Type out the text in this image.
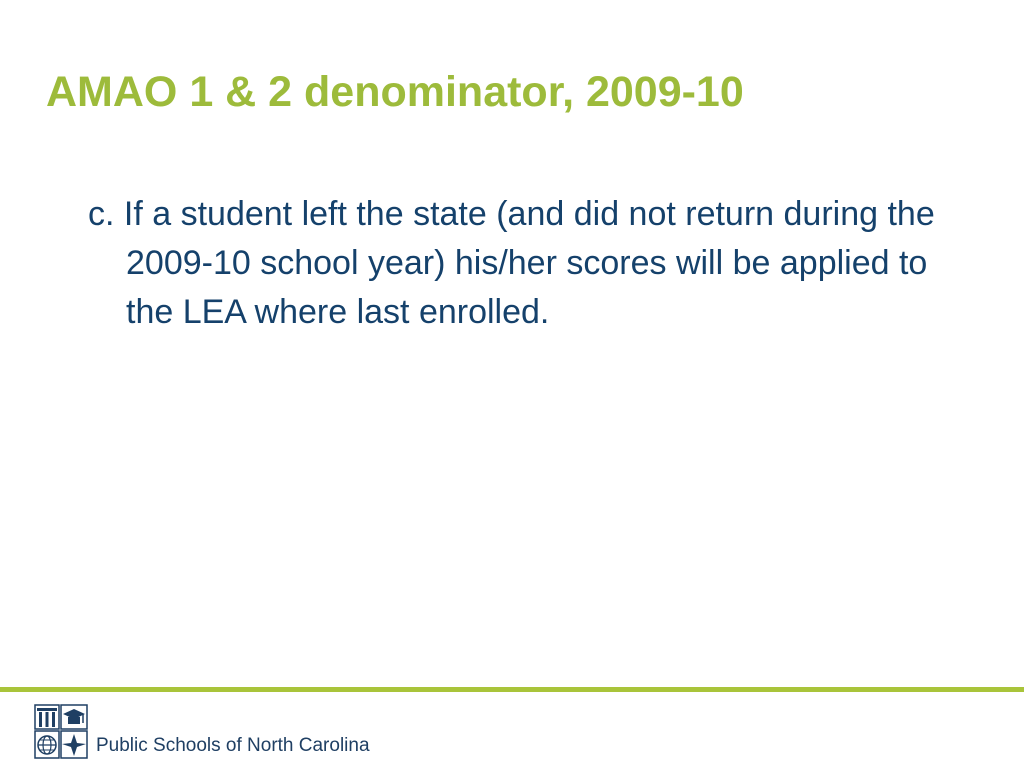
AMAO 1 & 2 denominator, 2009-10

c. If a student left the state (and did not return during the 2009-10 school year) his/her scores will be applied to the LEA where last enrolled.

Public Schools of North Carolina
